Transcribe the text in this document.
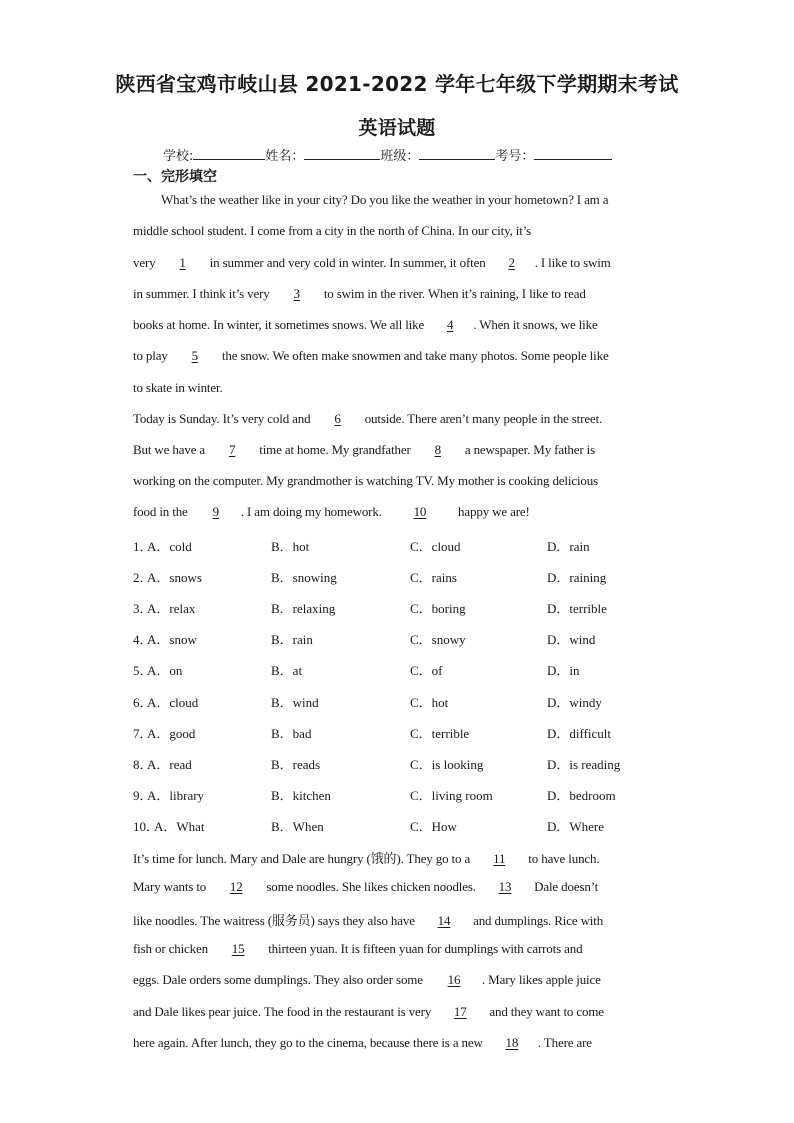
陕西省宝鸡市岐山县 2021-2022 学年七年级下学期期末考试
英语试题
学校:	姓名：	班级：	考号：
一、完形填空
What’s the weather like in your city? Do you like the weather in your hometown? I am a
middle school student. I come from a city in the north of China. In our city, it’s
very 1 in summer and very cold in winter. In summer, it often 2 . I like to swim
in summer. I think it’s very 3 to swim in the river. When it’s raining, I like to read
books at home. In winter, it sometimes snows. We all like 4 . When it snows, we like
to play 5 the snow. We often make snowmen and take many photos. Some people like
to skate in winter.
Today is Sunday. It’s very cold and 6 outside. There aren’t many people in the street.
But we have a 7 time at home. My grandfather 8 a newspaper. My father is
working on the computer. My grandmother is watching TV. My mother is cooking delicious
food in the 9 . I am doing my homework. 10 happy we are!
1．
A．cold	B．hot	C．cloud	D．rain
2．
A．snows	B．snowing	C．rains	D．raining
3．
A．relax	B．relaxing	C．boring	D．terrible
4．
A．snow	B．rain	C．snowy	D．wind
5．
A．on	B．at	C．of	D．in
6．
A．cloud	B．wind	C．hot	D．windy
7．
A．good	B．bad	C．terrible	D．difficult
8．
A．read	B．reads	C．is looking	D．is reading
9．
A．library	B．kitchen	C．living room	D．bedroom
10．
A．What	B．When	C．How	D．Where
It’s time for lunch. Mary and Dale are hungry (饿的). They go to a 11 to have lunch.
Mary wants to 12 some noodles. She likes chicken noodles. 13 Dale doesn’t
like noodles. The waitress (服务员) says they also have 14 and dumplings. Rice with
fish or chicken 15 thirteen yuan. It is fifteen yuan for dumplings with carrots and
eggs. Dale orders some dumplings. They also order some 16 . Mary likes apple juice
and Dale likes pear juice. The food in the restaurant is very 17 and they want to come
here again. After lunch, they go to the cinema, because there is a new 18 . There are
